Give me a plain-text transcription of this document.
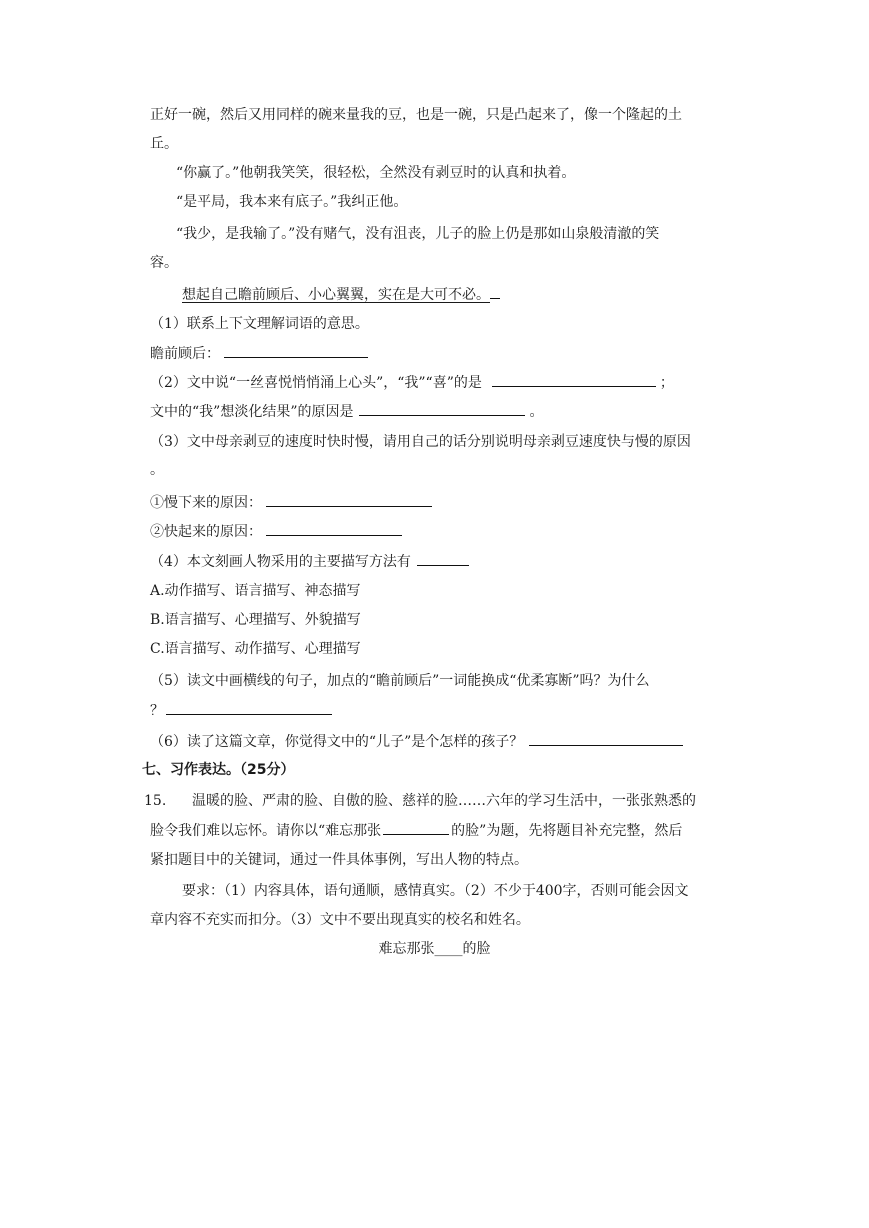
正好一碗，然后又用同样的碗来量我的豆，也是一碗，只是凸起来了，像一个隆起的土
丘。
“你赢了。”他朝我笑笑，很轻松，全然没有剥豆时的认真和执着。
“是平局，我本来有底子。”我纠正他。
“我少，是我输了。”没有赌气，没有沮丧，儿子的脸上仍是那如山泉般清澈的笑
容。
想起自己瞻前顾后、小心翼翼，实在是大可不必。
（1）联系上下文理解词语的意思。
瞻前顾后：
（2）文中说“一丝喜悦悄悄涌上心头”，“我”“喜”的是	；
文中的“我”想淡化结果”的原因是	。
（3）文中母亲剥豆的速度时快时慢，请用自己的话分别说明母亲剥豆速度快与慢的原因
。
①慢下来的原因：
②快起来的原因：
（4）本文刻画人物采用的主要描写方法有
A.动作描写、语言描写、神态描写
B.语言描写、心理描写、外貌描写
C.语言描写、动作描写、心理描写
（5）读文中画横线的句子，加点的“瞻前顾后”一词能换成“优柔寡断”吗？为什么
？
（6）读了这篇文章，你觉得文中的“儿子”是个怎样的孩子？
七、习作表达。（25分）
15. 温暖的脸、严肃的脸、自傲的脸、慈祥的脸……六年的学习生活中，一张张熟悉的
脸令我们难以忘怀。请你以“难忘那张	的脸”为题，先将题目补充完整，然后
紧扣题目中的关键词，通过一件具体事例，写出人物的特点。
要求：（1）内容具体，语句通顺，感情真实。（2）不少于400字，否则可能会因文
章内容不充实而扣分。（3）文中不要出现真实的校名和姓名。
难忘那张____的脸
